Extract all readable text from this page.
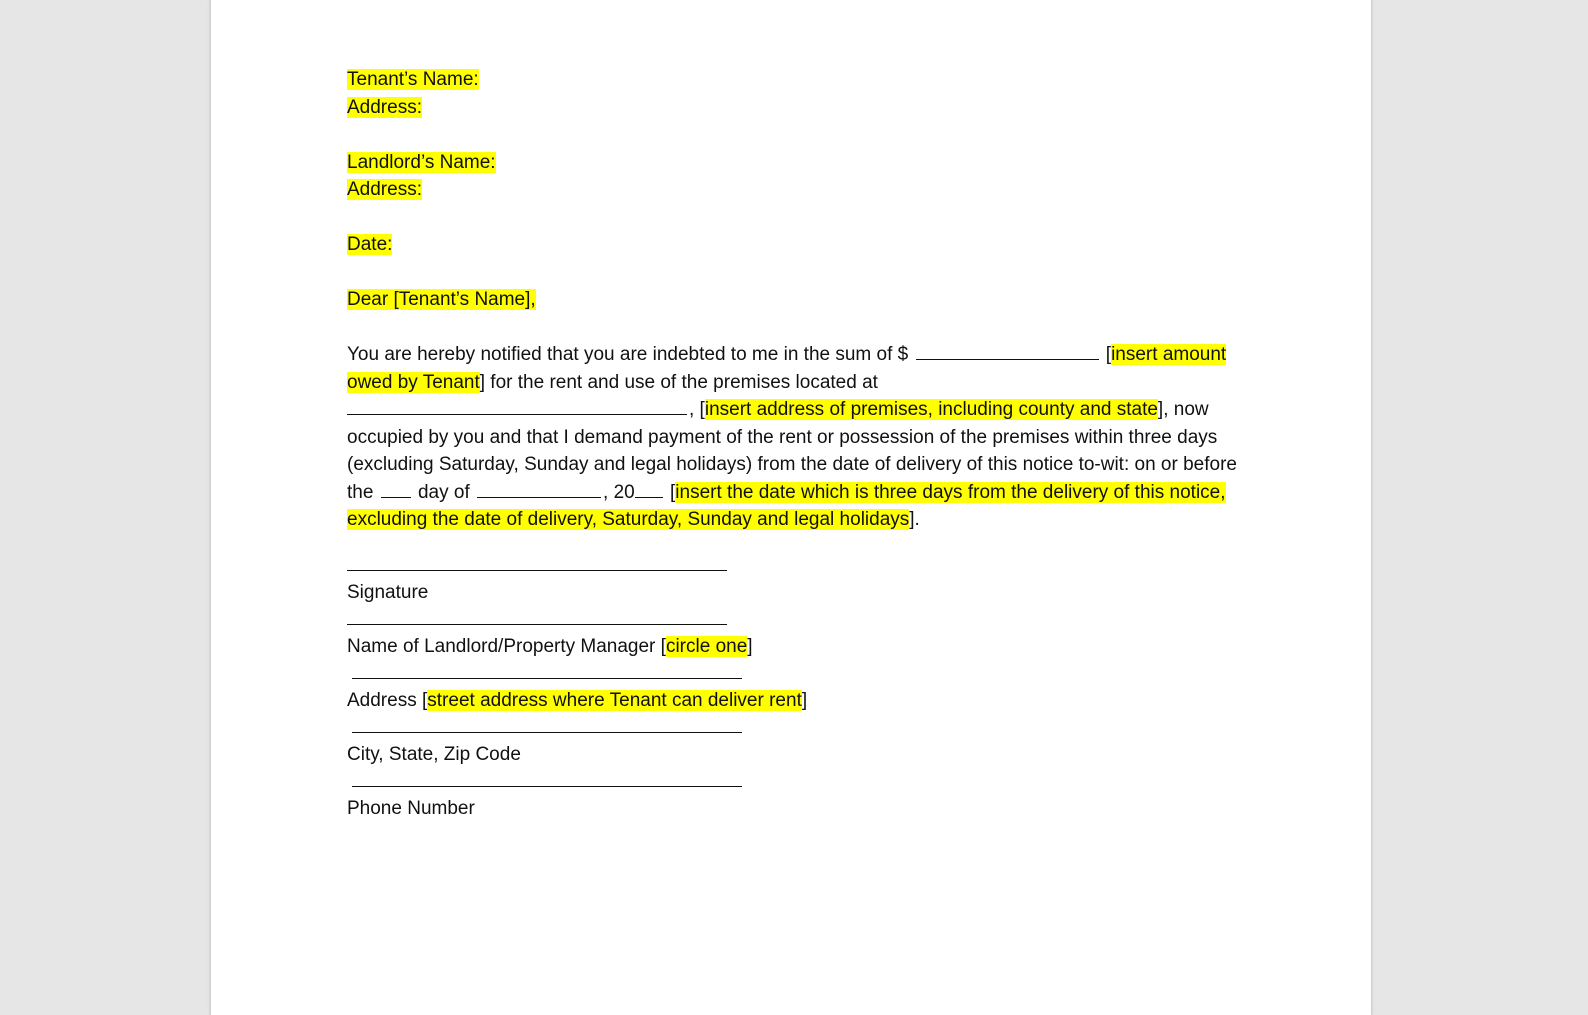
Tenant’s Name:
Address:
Landlord’s Name:
Address:
Date:
Dear [Tenant’s Name],
You are hereby notified that you are indebted to me in the sum of $	[insert amount owed by Tenant] for the rent and use of the premises located at
, [insert address of premises, including county and state], now occupied by you and that I demand payment of the rent or possession of the premises within three days (excluding Saturday, Sunday and legal holidays) from the date of delivery of this notice to-wit: on or before the day of	, 20 [insert the date which is three days from the delivery of this notice, excluding the date of delivery, Saturday, Sunday and legal holidays].
Signature
Name of Landlord/Property Manager [circle one]
Address [street address where Tenant can deliver rent]
City, State, Zip Code
Phone Number
